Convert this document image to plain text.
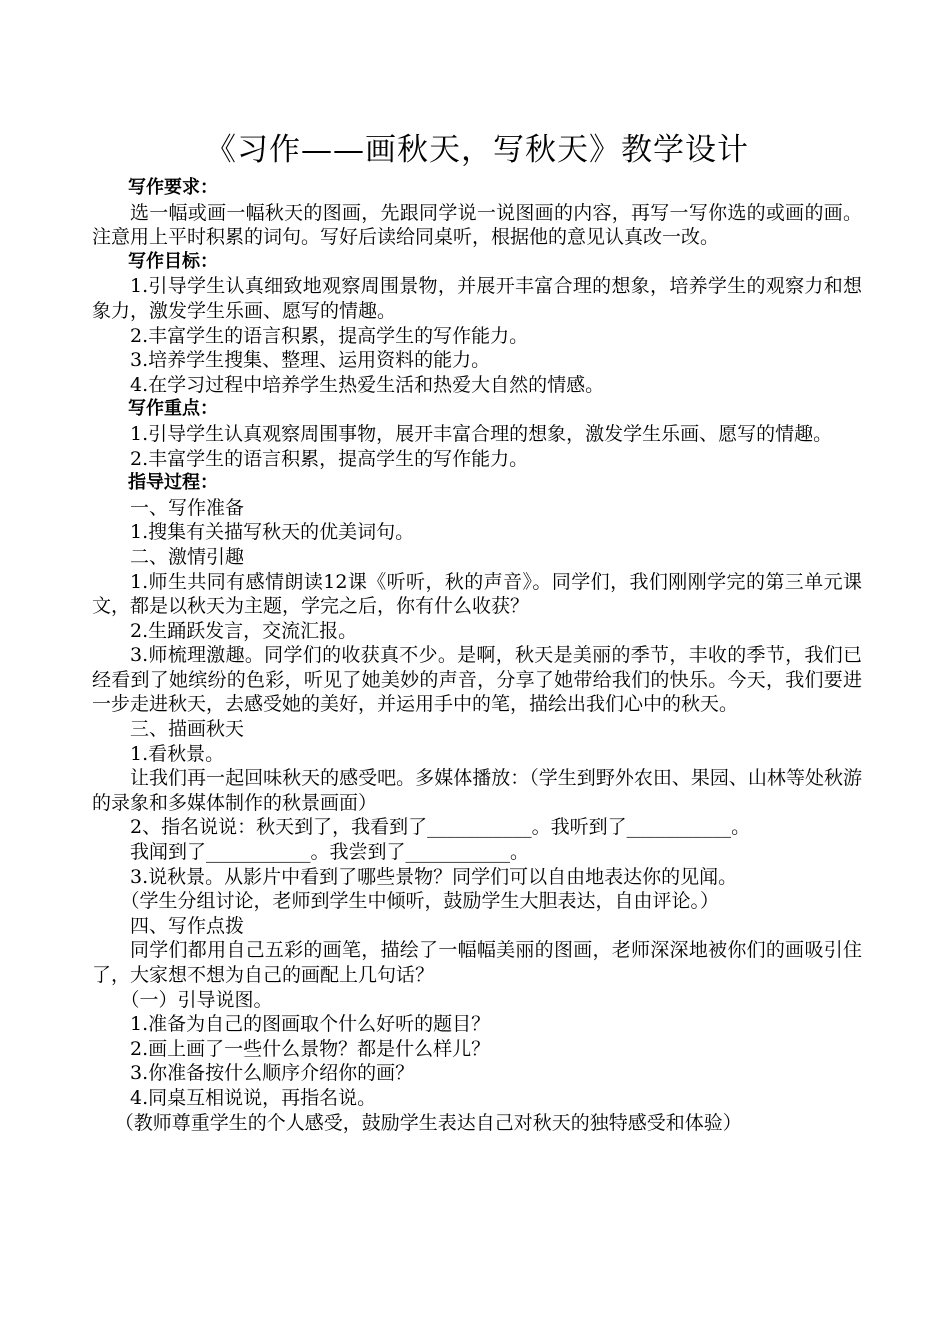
《习作——画秋天，写秋天》教学设计

写作要求：

选一幅或画一幅秋天的图画，先跟同学说一说图画的内容，再写一写你选的或画的画。注意用上平时积累的词句。写好后读给同桌听，根据他的意见认真改一改。

写作目标：

1.引导学生认真细致地观察周围景物，并展开丰富合理的想象，培养学生的观察力和想象力，激发学生乐画、愿写的情趣。

2.丰富学生的语言积累，提高学生的写作能力。

3.培养学生搜集、整理、运用资料的能力。

4.在学习过程中培养学生热爱生活和热爱大自然的情感。

写作重点：

1.引导学生认真观察周围事物，展开丰富合理的想象，激发学生乐画、愿写的情趣。

2.丰富学生的语言积累，提高学生的写作能力。

指导过程：

一、写作准备

1.搜集有关描写秋天的优美词句。

二、激情引趣

1.师生共同有感情朗读12课《听听，秋的声音》。同学们，我们刚刚学完的第三单元课文，都是以秋天为主题，学完之后，你有什么收获？

2.生踊跃发言，交流汇报。

3.师梳理激趣。同学们的收获真不少。是啊，秋天是美丽的季节，丰收的季节，我们已经看到了她缤纷的色彩，听见了她美妙的声音，分享了她带给我们的快乐。今天，我们要进一步走进秋天，去感受她的美好，并运用手中的笔，描绘出我们心中的秋天。

三、描画秋天

1.看秋景。

让我们再一起回味秋天的感受吧。多媒体播放：（学生到野外农田、果园、山林等处秋游的录象和多媒体制作的秋景画面）

2、指名说说：秋天到了，我看到了___________。我听到了___________。

我闻到了___________。我尝到了___________。

3.说秋景。从影片中看到了哪些景物？同学们可以自由地表达你的见闻。

（学生分组讨论，老师到学生中倾听，鼓励学生大胆表达，自由评论。）

四、写作点拨

同学们都用自己五彩的画笔，描绘了一幅幅美丽的图画，老师深深地被你们的画吸引住了，大家想不想为自己的画配上几句话？

（一）引导说图。

1.准备为自己的图画取个什么好听的题目？

2.画上画了一些什么景物？都是什么样儿？

3.你准备按什么顺序介绍你的画？

4.同桌互相说说，再指名说。

（教师尊重学生的个人感受，鼓励学生表达自己对秋天的独特感受和体验）
